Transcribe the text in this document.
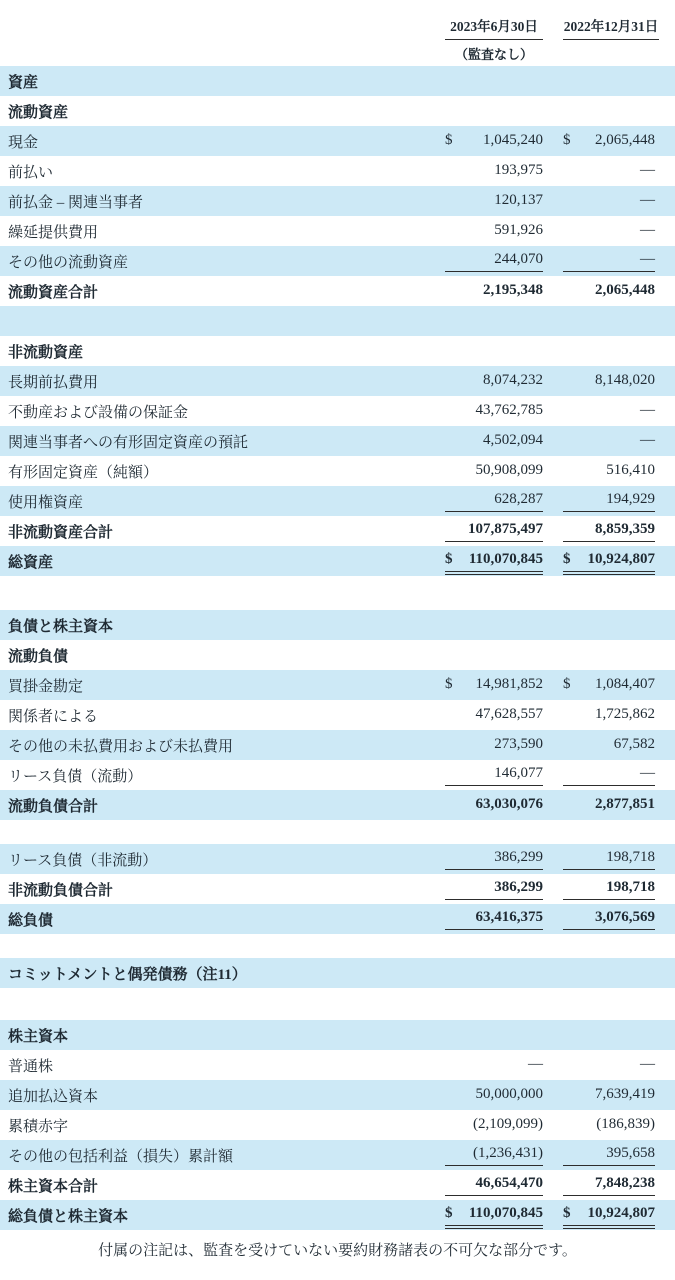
2023年6月30日	2022年12月31日
（監査なし）
資産
流動資産
現金	$ 1,045,240 $ 2,065,448
前払い	193,975	—
前払金 – 関連当事者	120,137	—
繰延提供費用	591,926	—
その他の流動資産	244,070	—
流動資産合計	2,195,348	2,065,448
非流動資産
長期前払費用	8,074,232	8,148,020
不動産および設備の保証金	43,762,785	—
関連当事者への有形固定資産の預託	4,502,094	—
有形固定資産（純額）	50,908,099	516,410
使用権資産	628,287	194,929
非流動資産合計	107,875,497	8,859,359
総資産	$ 110,070,845 $ 10,924,807
負債と株主資本
流動負債
買掛金勘定	$ 14,981,852 $ 1,084,407
関係者による	47,628,557	1,725,862
その他の未払費用および未払費用	273,590	67,582
リース負債（流動）	146,077	—
流動負債合計	63,030,076	2,877,851
リース負債（非流動）	386,299	198,718
非流動負債合計	386,299	198,718
総負債	63,416,375	3,076,569
コミットメントと偶発債務（注11）
株主資本
普通株	—	—
追加払込資本	50,000,000	7,639,419
累積赤字	(2,109,099)	(186,839)
その他の包括利益（損失）累計額	(1,236,431)	395,658
株主資本合計	46,654,470	7,848,238
総負債と株主資本	$ 110,070,845 $ 10,924,807
付属の注記は、監査を受けていない要約財務諸表の不可欠な部分です。
